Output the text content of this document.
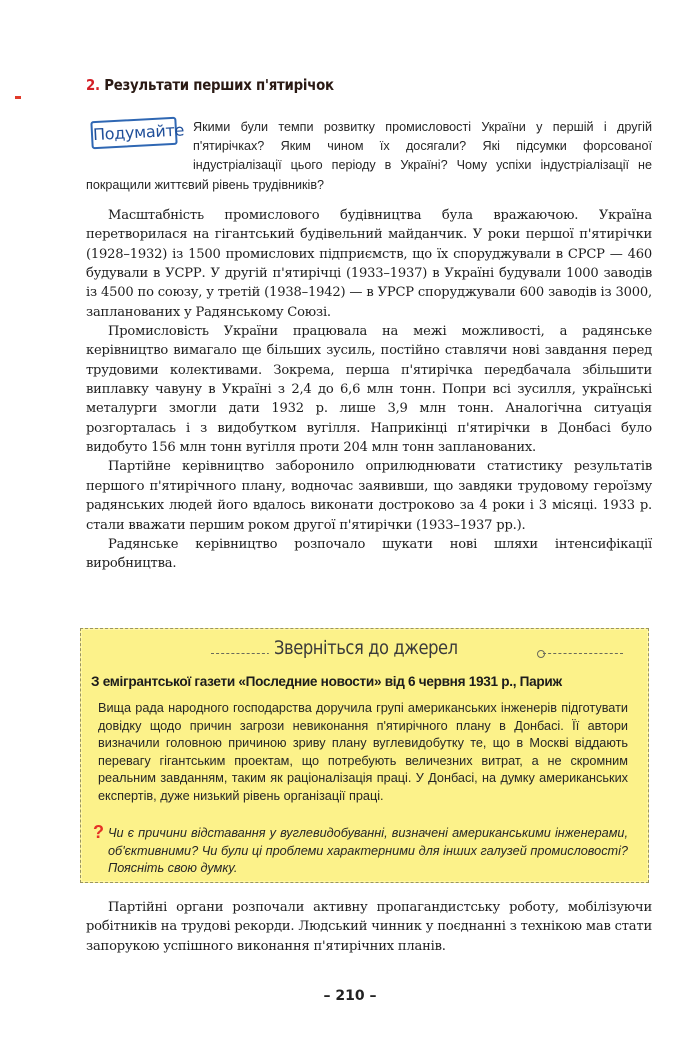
2. Результати перших п'ятирічок
Подумайте Якими були темпи розвитку промисловості України у першій і другій п'ятирічках? Яким чином їх досягали? Які підсумки форсованої індустріалізації цього періоду в Україні? Чому успіхи індустріалізації не покращили життєвий рівень трудівників?

Масштабність промислового будівництва була вражаючою. Україна перетворилася на гігантський будівельний майданчик. У роки першої п'ятирічки (1928–1932) із 1500 промислових підприємств, що їх споруджували в СРСР — 460 будували в УСРР. У другій п'ятирічці (1933–1937) в Україні будували 1000 заводів із 4500 по союзу, у третій (1938–1942) — в УРСР споруджували 600 заводів із 3000, запланованих у Радянському Союзі.

Промисловість України працювала на межі можливості, а радянське керівництво вимагало ще більших зусиль, постійно ставлячи нові завдання перед трудовими колективами. Зокрема, перша п'ятирічка передбачала збільшити виплавку чавуну в Україні з 2,4 до 6,6 млн тонн. Попри всі зусилля, українські металурги змогли дати 1932 р. лише 3,9 млн тонн. Аналогічна ситуація розгорталась і з видобутком вугілля. Наприкінці п'ятирічки в Донбасі було видобуто 156 млн тонн вугілля проти 204 млн тонн запланованих.

Партійне керівництво заборонило оприлюднювати статистику результатів першого п'ятирічного плану, водночас заявивши, що завдяки трудовому героїзму радянських людей його вдалось виконати достроково за 4 роки і 3 місяці. 1933 р. стали вважати першим роком другої п'ятирічки (1933–1937 рр.).

Радянське керівництво розпочало шукати нові шляхи інтенсифікації виробництва.

Зверніться до джерел
З емігрантської газети «Последние новости» від 6 червня 1931 р., Париж
Вища рада народного господарства доручила групі американських інженерів підготувати довідку щодо причин загрози невиконання п'ятирічного плану в Донбасі. Її автори визначили головною причиною зриву плану вуглевидобутку те, що в Москві віддають перевагу гігантським проектам, що потребують величезних витрат, а не скромним реальним завданням, таким як раціоналізація праці. У Донбасі, на думку американських експертів, дуже низький рівень організації праці.
? Чи є причини відставання у вуглевидобуванні, визначені американськими інженерами, об'єктивними? Чи були ці проблеми характерними для інших галузей промисловості? Поясніть свою думку.

Партійні органи розпочали активну пропагандистську роботу, мобілізуючи робітників на трудові рекорди. Людський чинник у поєднанні з технікою мав стати запорукою успішного виконання п'ятирічних планів.

– 210 –
